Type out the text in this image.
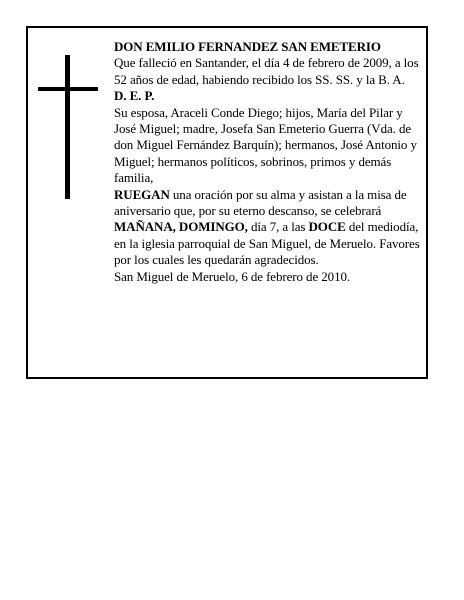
DON EMILIO FERNANDEZ SAN EMETERIO

Que falleció en Santander, el día 4 de febrero de 2009, a los 52 años de edad, habiendo recibido los SS. SS. y la B. A.

D. E. P.

Su esposa, Araceli Conde Diego; hijos, María del Pilar y José Miguel; madre, Josefa San Emeterio Guerra (Vda. de don Miguel Fernández Barquín); hermanos, José Antonio y Miguel; hermanos políticos, sobrinos, primos y demás familia,

RUEGAN una oración por su alma y asistan a la misa de aniversario que, por su eterno descanso, se celebrará MAÑANA, DOMINGO, día 7, a las DOCE del mediodía, en la iglesia parroquial de San Miguel, de Meruelo. Favores por los cuales les quedarán agradecidos.

San Miguel de Meruelo, 6 de febrero de 2010.
